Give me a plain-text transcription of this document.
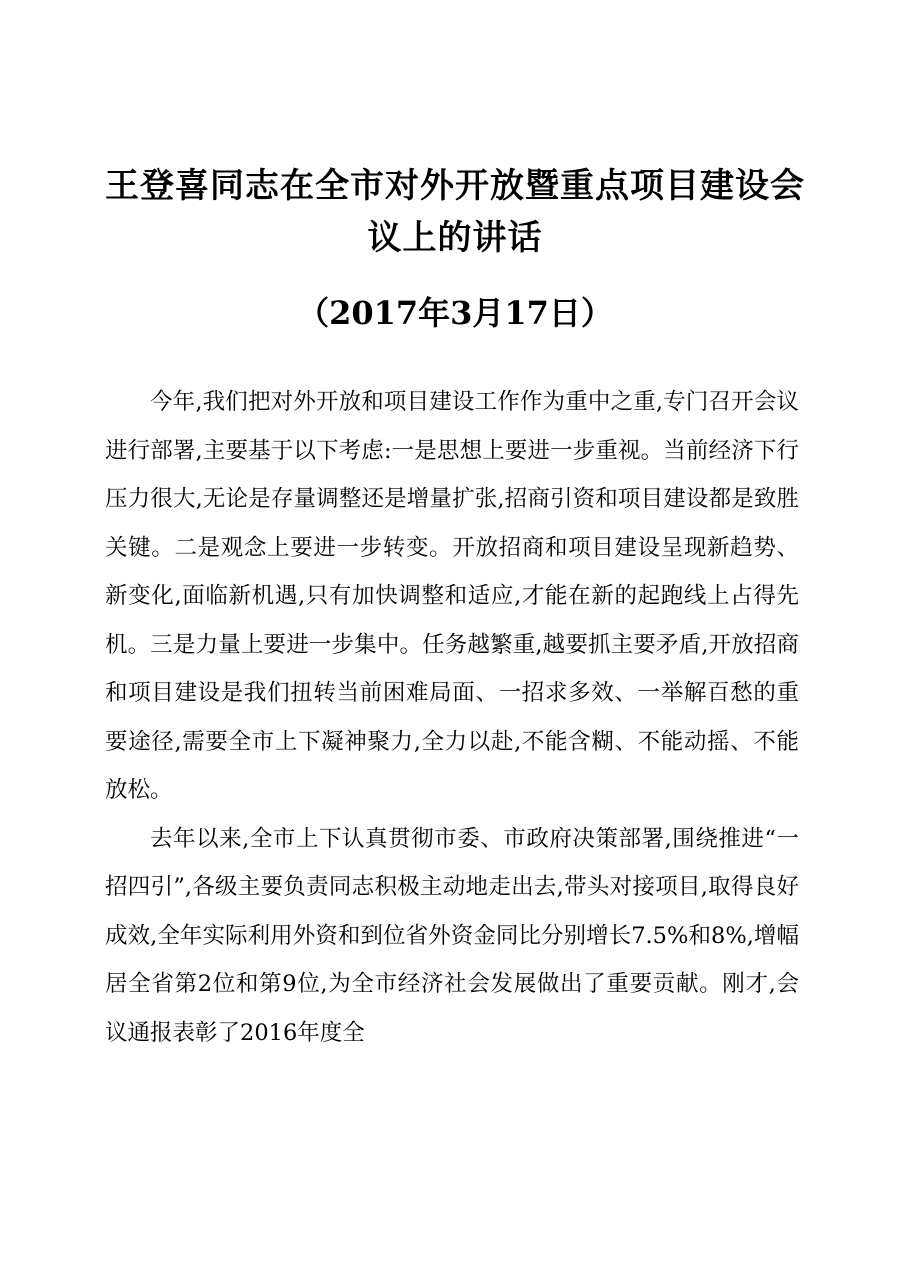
王登喜同志在全市对外开放暨重点项目建设会议上的讲话
（2017年3月17日）

今年,我们把对外开放和项目建设工作作为重中之重,专门召开会议进行部署,主要基于以下考虑:一是思想上要进一步重视。当前经济下行压力很大,无论是存量调整还是增量扩张,招商引资和项目建设都是致胜关键。二是观念上要进一步转变。开放招商和项目建设呈现新趋势、新变化,面临新机遇,只有加快调整和适应,才能在新的起跑线上占得先机。三是力量上要进一步集中。任务越繁重,越要抓主要矛盾,开放招商和项目建设是我们扭转当前困难局面、一招求多效、一举解百愁的重要途径,需要全市上下凝神聚力,全力以赴,不能含糊、不能动摇、不能放松。

去年以来,全市上下认真贯彻市委、市政府决策部署,围绕推进“一招四引”,各级主要负责同志积极主动地走出去,带头对接项目,取得良好成效,全年实际利用外资和到位省外资金同比分别增长7.5%和8%,增幅居全省第2位和第9位,为全市经济社会发展做出了重要贡献。刚才,会议通报表彰了2016年度全
